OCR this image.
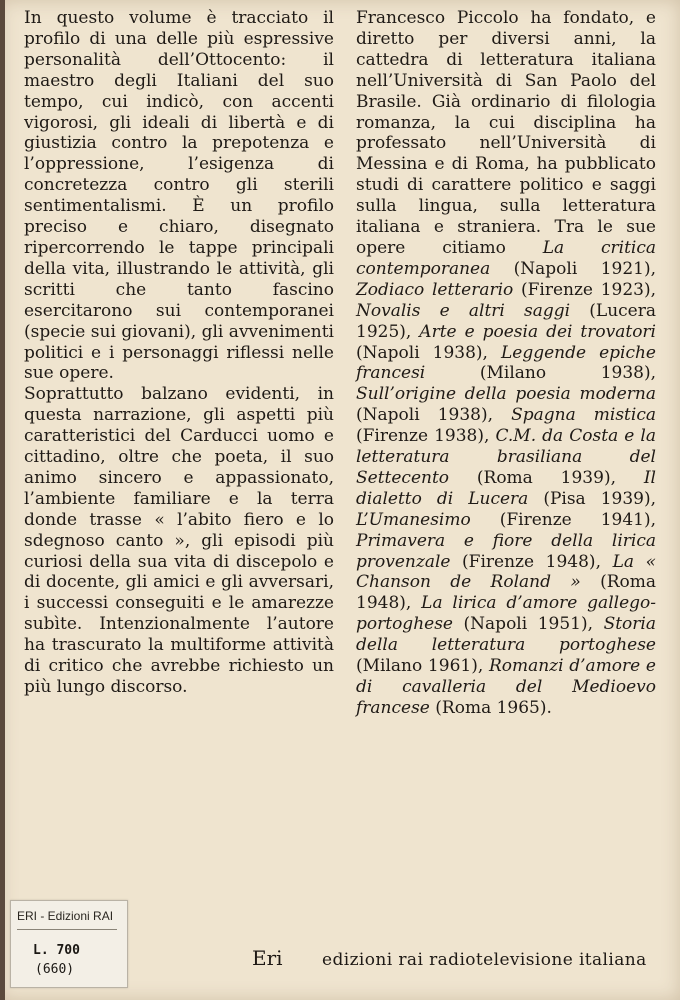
In questo volume è tracciato il profilo di una delle più espressive personalità dell’Ottocento: il maestro degli Italiani del suo tempo, cui indicò, con accenti vigorosi, gli ideali di libertà e di giustizia contro la prepotenza e l’oppressione, l’esigenza di concretezza contro gli sterili sentimentalismi. È un profilo preciso e chiaro, disegnato ripercorrendo le tappe principali della vita, illustrando le attività, gli scritti che tanto fascino esercitarono sui contemporanei (specie sui giovani), gli avvenimenti politici e i personaggi riflessi nelle sue opere.

Soprattutto balzano evidenti, in questa narrazione, gli aspetti più caratteristici del Carducci uomo e cittadino, oltre che poeta, il suo animo sincero e appassionato, l’ambiente familiare e la terra donde trasse « l’abito fiero e lo sdegnoso canto », gli episodi più curiosi della sua vita di discepolo e di docente, gli amici e gli avversari, i successi conseguiti e le amarezze subìte. Intenzionalmente l’autore ha trascurato la multiforme attività di critico che avrebbe richiesto un più lungo discorso.

Francesco Piccolo ha fondato, e diretto per diversi anni, la cattedra di letteratura italiana nell’Università di San Paolo del Brasile. Già ordinario di filologia romanza, la cui disciplina ha professato nell’Università di Messina e di Roma, ha pubblicato studi di carattere politico e saggi sulla lingua, sulla letteratura italiana e straniera. Tra le sue opere citiamo La critica contemporanea (Napoli 1921), Zodiaco letterario (Firenze 1923), Novalis e altri saggi (Lucera 1925), Arte e poesia dei trovatori (Napoli 1938), Leggende epiche francesi (Milano 1938), Sull’origine della poesia moderna (Napoli 1938), Spagna mistica (Firenze 1938), C.M. da Costa e la letteratura brasiliana del Settecento (Roma 1939), Il dialetto di Lucera (Pisa 1939), L’Umanesimo (Firenze 1941), Primavera e fiore della lirica provenzale (Firenze 1948), La « Chanson de Roland » (Roma 1948), La lirica d’amore gallego-portoghese (Napoli 1951), Storia della letteratura portoghese (Milano 1961), Romanzi d’amore e di cavalleria del Medioevo francese (Roma 1965).

ERI - Edizioni RAI
L. 700
(660)	Eri edizioni rai radiotelevisione italiana
